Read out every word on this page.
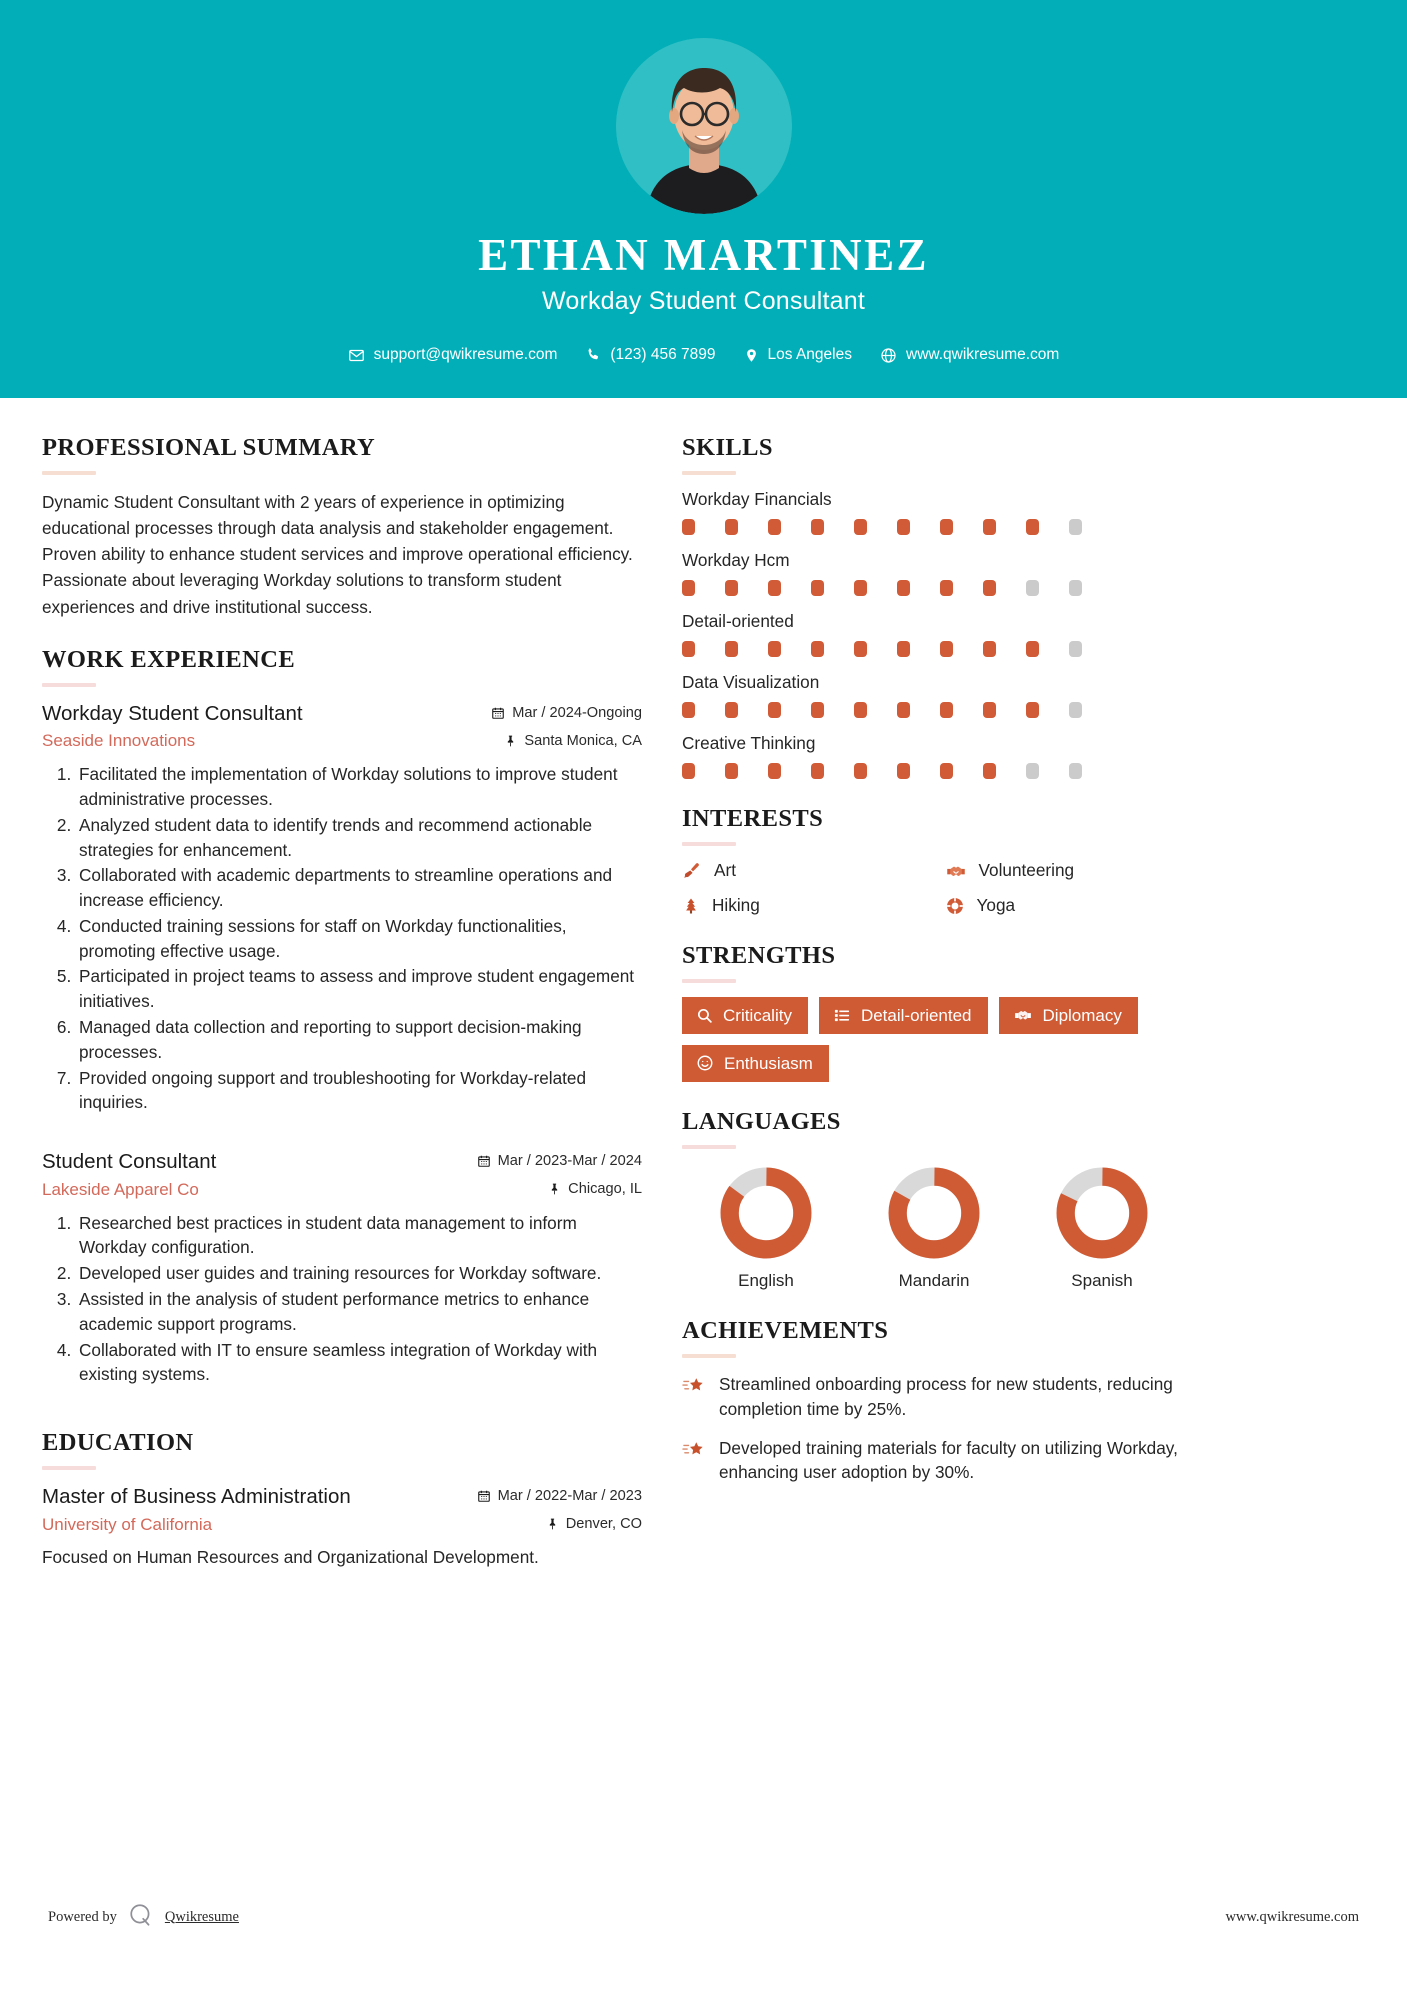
ETHAN MARTINEZ
Workday Student Consultant
support@qwikresume.com	(123) 456 7899	Los Angeles	www.qwikresume.com
PROFESSIONAL SUMMARY

Dynamic Student Consultant with 2 years of experience in optimizing educational processes through data analysis and stakeholder engagement. Proven ability to enhance student services and improve operational efficiency. Passionate about leveraging Workday solutions to transform student experiences and drive institutional success.

WORK EXPERIENCE
Workday Student Consultant
Seaside Innovations
Mar / 2024-Ongoing
Santa Monica, CA
1. Facilitated the implementation of Workday solutions to improve student administrative processes.
2. Analyzed student data to identify trends and recommend actionable strategies for enhancement.
3. Collaborated with academic departments to streamline operations and increase efficiency.
4. Conducted training sessions for staff on Workday functionalities, promoting effective usage.
5. Participated in project teams to assess and improve student engagement initiatives.
6. Managed data collection and reporting to support decision-making processes.
7. Provided ongoing support and troubleshooting for Workday-related inquiries.
Student Consultant
Lakeside Apparel Co
Mar / 2023-Mar / 2024
Chicago, IL
1. Researched best practices in student data management to inform Workday configuration.
2. Developed user guides and training resources for Workday software.
3. Assisted in the analysis of student performance metrics to enhance academic support programs.
4. Collaborated with IT to ensure seamless integration of Workday with existing systems.
EDUCATION
Master of Business Administration
University of California
Mar / 2022-Mar / 2023
Denver, CO

Focused on Human Resources and Organizational Development.

SKILLS
Workday Financials
Workday Hcm
Detail-oriented
Data Visualization
Creative Thinking
INTERESTS
Art	Volunteering
Hiking	Yoga
STRENGTHS
Criticality	Detail-oriented	Diplomacy
Enthusiasm
LANGUAGES
English	Mandarin	Spanish
ACHIEVEMENTS
Streamlined onboarding process for new students, reducing completion time by 25%.
Developed training materials for faculty on utilizing Workday, enhancing user adoption by 30%.
Powered by	Qwikresume	www.qwikresume.com
